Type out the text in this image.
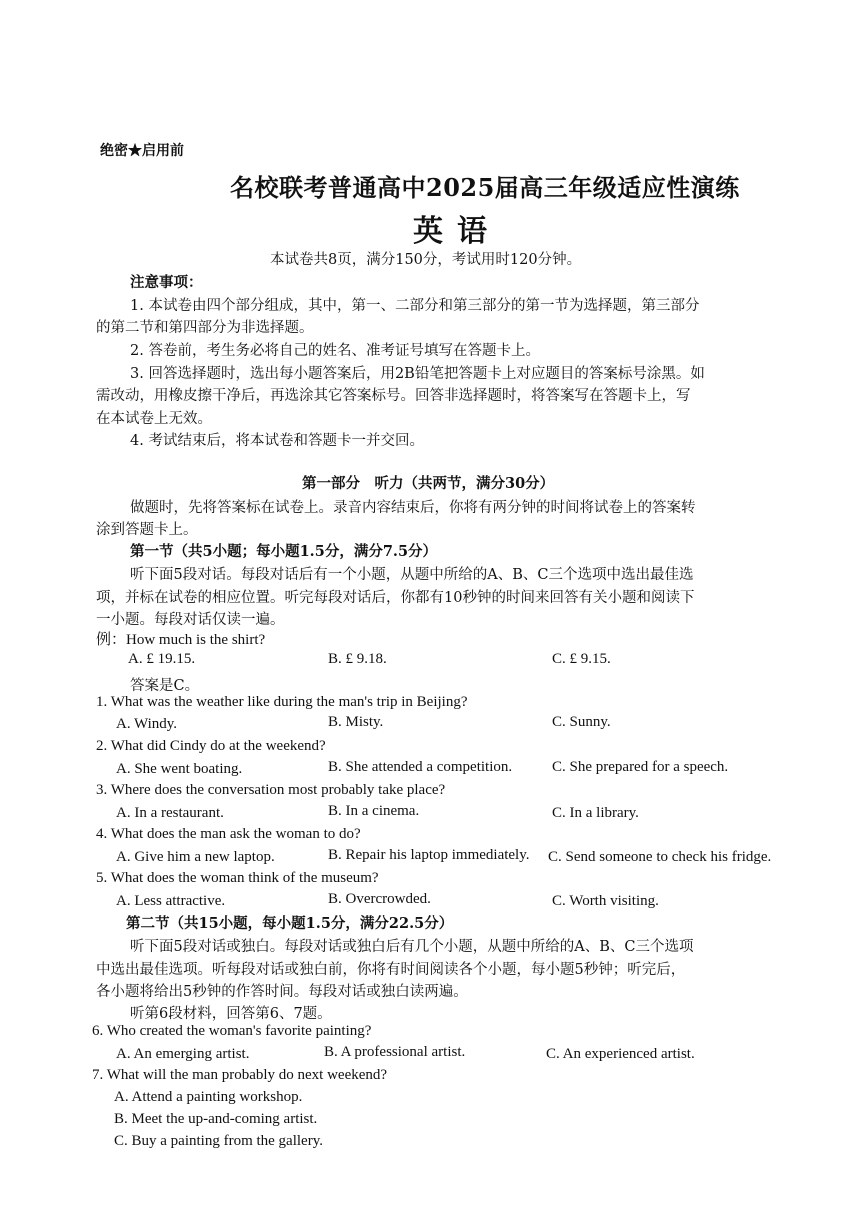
绝密★启用前
名校联考普通高中2025届高三年级适应性演练
英语
本试卷共8页，满分150分，考试用时120分钟。
注意事项：
1. 本试卷由四个部分组成，其中，第一、二部分和第三部分的第一节为选择题，第三部分
的第二节和第四部分为非选择题。
2. 答卷前，考生务必将自己的姓名、准考证号填写在答题卡上。
3. 回答选择题时，选出每小题答案后，用2B铅笔把答题卡上对应题目的答案标号涂黑。如
需改动，用橡皮擦干净后，再选涂其它答案标号。回答非选择题时，将答案写在答题卡上，写
在本试卷上无效。
4. 考试结束后，将本试卷和答题卡一并交回。
第一部分　听力（共两节，满分30分）
做题时，先将答案标在试卷上。录音内容结束后，你将有两分钟的时间将试卷上的答案转
涂到答题卡上。
第一节（共5小题；每小题1.5分，满分7.5分）
听下面5段对话。每段对话后有一个小题，从题中所给的A、B、C三个选项中选出最佳选
项，并标在试卷的相应位置。听完每段对话后，你都有10秒钟的时间来回答有关小题和阅读下
一小题。每段对话仅读一遍。
例：How much is the shirt?
A. £ 19.15.	B. £ 9.18.	C. £ 9.15.
答案是C。
1. What was the weather like during the man's trip in Beijing?
A. Windy.	B. Misty.	C. Sunny.
2. What did Cindy do at the weekend?
A. She went boating.	B. She attended a competition.	C. She prepared for a speech.
3. Where does the conversation most probably take place?
A. In a restaurant.	B. In a cinema.	C. In a library.
4. What does the man ask the woman to do?
A. Give him a new laptop.	B. Repair his laptop immediately. C. Send someone to check his fridge.
5. What does the woman think of the museum?
A. Less attractive.	B. Overcrowded.	C. Worth visiting.
第二节（共15小题，每小题1.5分，满分22.5分）
听下面5段对话或独白。每段对话或独白后有几个小题，从题中所给的A、B、C三个选项
中选出最佳选项。听每段对话或独白前，你将有时间阅读各个小题，每小题5秒钟；听完后，
各小题将给出5秒钟的作答时间。每段对话或独白读两遍。
听第6段材料，回答第6、7题。
6. Who created the woman's favorite painting?
A. An emerging artist.	B. A professional artist.	C. An experienced artist.
7. What will the man probably do next weekend?
A. Attend a painting workshop.
B. Meet the up-and-coming artist.
C. Buy a painting from the gallery.
